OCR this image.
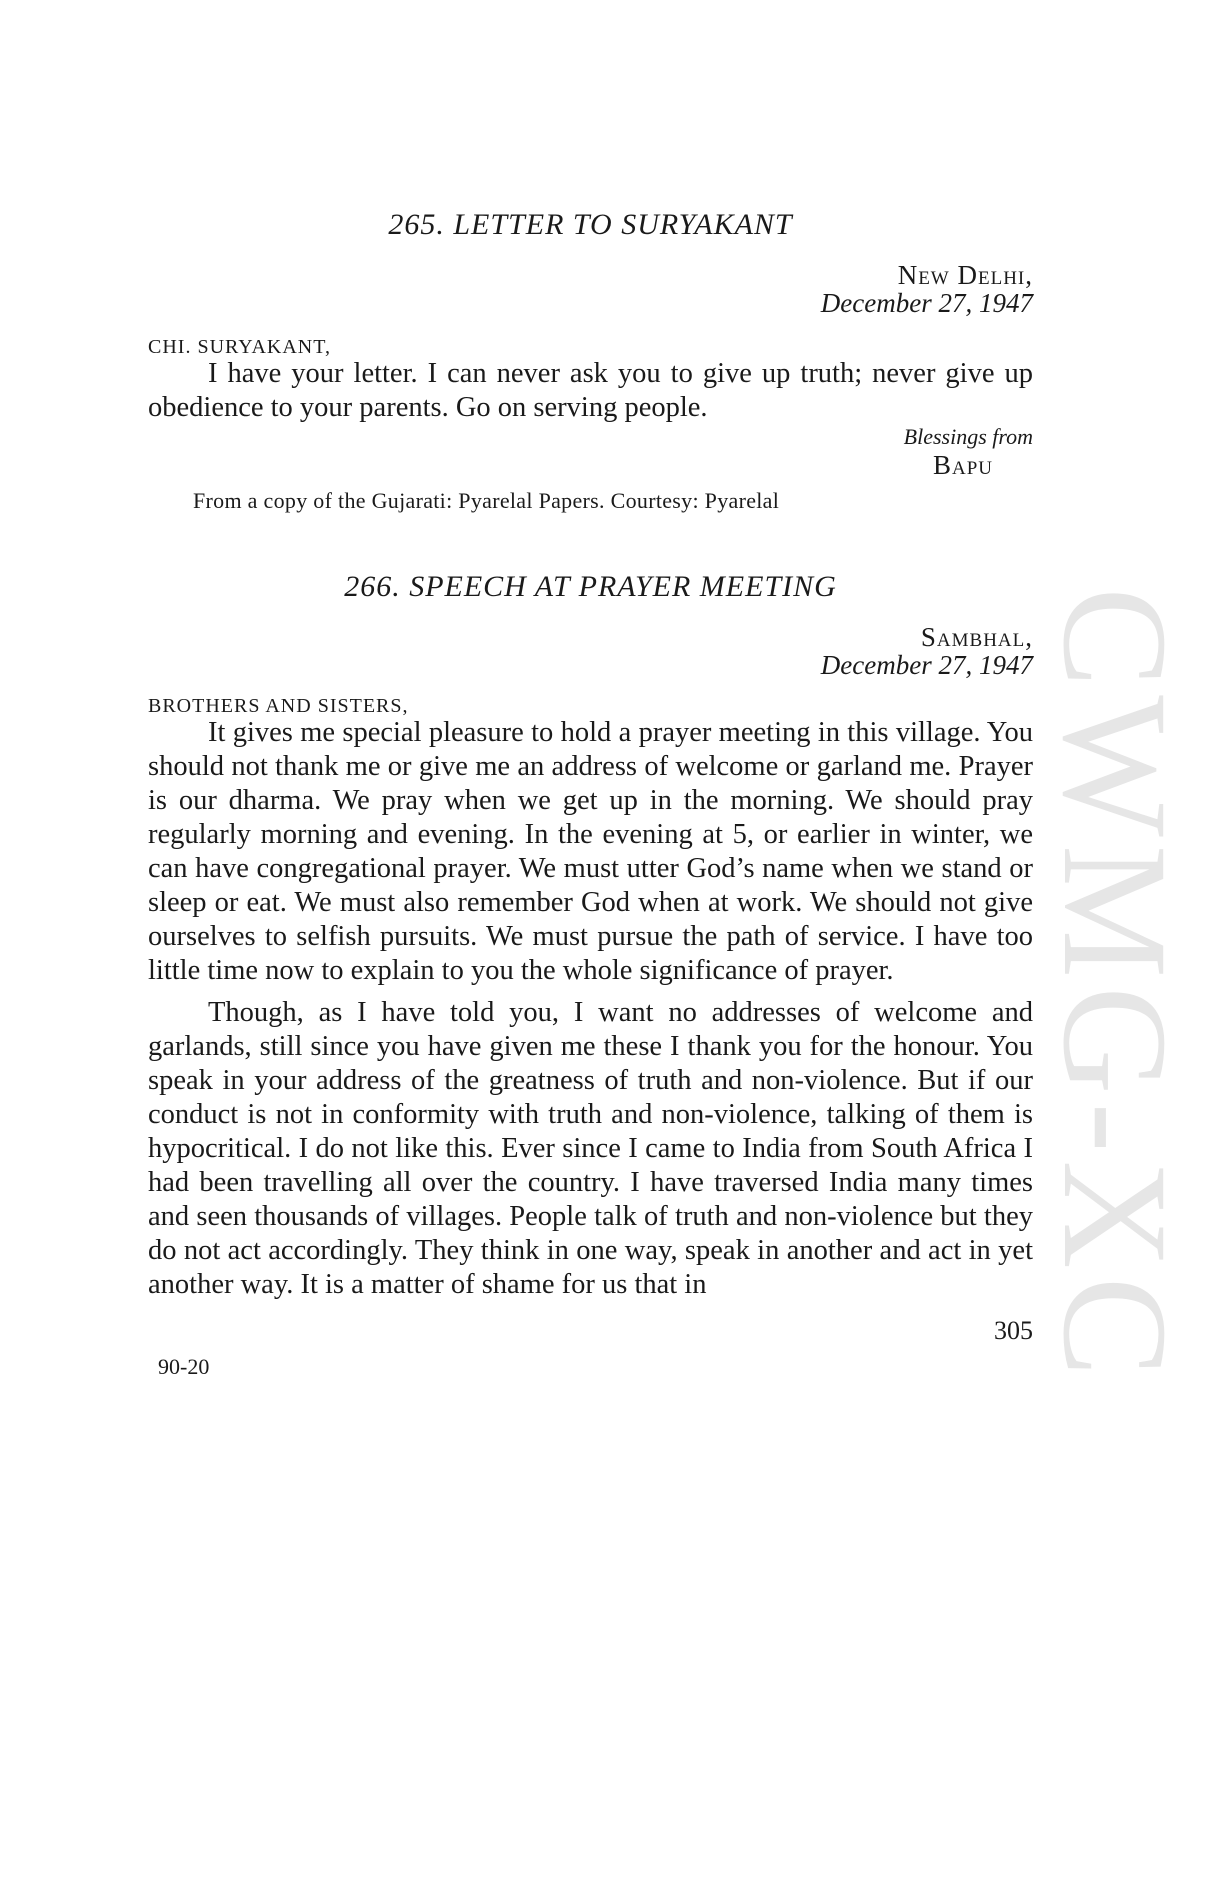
CWMG-XC
265. LETTER TO SURYAKANT
New Delhi,
December 27, 1947
CHI. SURYAKANT,
I have your letter. I can never ask you to give up truth; never give up obedience to your parents. Go on serving people.
Blessings from
Bapu
From a copy of the Gujarati: Pyarelal Papers. Courtesy: Pyarelal
266. SPEECH AT PRAYER MEETING
Sambhal,
December 27, 1947
BROTHERS AND SISTERS,
It gives me special pleasure to hold a prayer meeting in this village. You should not thank me or give me an address of welcome or garland me. Prayer is our dharma. We pray when we get up in the morning. We should pray regularly morning and evening. In the evening at 5, or earlier in winter, we can have congregational prayer. We must utter God’s name when we stand or sleep or eat. We must also remember God when at work. We should not give ourselves to selfish pursuits. We must pursue the path of service. I have too little time now to explain to you the whole significance of prayer.
Though, as I have told you, I want no addresses of welcome and garlands, still since you have given me these I thank you for the honour. You speak in your address of the greatness of truth and non-violence. But if our conduct is not in conformity with truth and non-violence, talking of them is hypocritical. I do not like this. Ever since I came to India from South Africa I had been travelling all over the country. I have traversed India many times and seen thousands of villages. People talk of truth and non-violence but they do not act accordingly. They think in one way, speak in another and act in yet another way. It is a matter of shame for us that in
305
90-20
